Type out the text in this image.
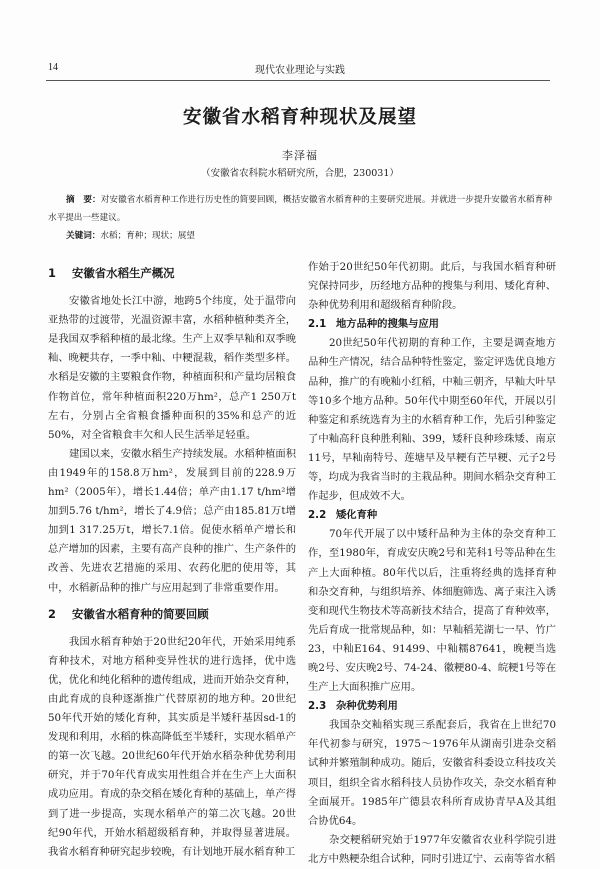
14	现代农业理论与实践
安徽省水稻育种现状及展望
李泽福
（安徽省农科院水稻研究所，合肥，230031）
摘　要：对安徽省水稻育种工作进行历史性的简要回顾，概括安徽省水稻育种的主要研究进展。并就进一步提升安徽省水稻育种水平提出一些建议。
关键词：水稻；育种；现状；展望
1 安徽省水稻生产概况

安徽省地处长江中游，地跨5个纬度，处于温带向亚热带的过渡带，光温资源丰富，水稻种植种类齐全，是我国双季稻种植的最北缘。生产上双季早籼和双季晚籼、晚粳共存，一季中籼、中粳混栽，稻作类型多样。水稻是安徽的主要粮食作物，种植面积和产量均居粮食作物首位，常年种植面积220万hm²，总产1 250万t左右，分别占全省粮食播种面积的35%和总产的近50%，对全省粮食丰欠和人民生活举足轻重。

建国以来，安徽水稻生产持续发展。水稻种植面积由1949年的158.8万hm²，发展到目前的228.9万hm²（2005年），增长1.44倍；单产由1.17 t/hm²增加到5.76 t/hm²，增长了4.9倍；总产由185.81万t增加到1 317.25万t，增长7.1倍。促使水稻单产增长和总产增加的因素，主要有高产良种的推广、生产条件的改善、先进农艺措施的采用、农药化肥的使用等，其中，水稻新品种的推广与应用起到了非常重要作用。

2 安徽省水稻育种的简要回顾

我国水稻育种始于20世纪20年代，开始采用纯系育种技术，对地方稻种变异性状的进行选择，优中选优，优化和纯化稻种的遗传组成，进而开始杂交育种，由此育成的良种逐渐推广代替原初的地方种。20世纪50年代开始的矮化育种，其实质是半矮秆基因sd-1的发现和利用，水稻的株高降低至半矮秆，实现水稻单产的第一次飞越。20世纪60年代开始水稻杂种优势利用研究，并于70年代育成实用性组合并在生产上大面积成功应用。育成的杂交稻在矮化育种的基础上，单产得到了进一步提高，实现水稻单产的第二次飞越。20世纪90年代，开始水稻超级稻育种，并取得显著进展。我省水稻育种研究起步较晚，有计划地开展水稻育种工

作始于20世纪50年代初期。此后，与我国水稻育种研究保持同步，历经地方品种的搜集与利用、矮化育种、杂种优势利用和超级稻育种阶段。

2.1 地方品种的搜集与应用

20世纪50年代初期的育种工作，主要是调查地方品种生产情况，结合品种特性鉴定，鉴定评选优良地方品种，推广的有晚籼小红稻，中籼三朝齐，早籼大叶早等10多个地方品种。50年代中期至60年代，开展以引种鉴定和系统选育为主的水稻育种工作，先后引种鉴定了中籼高秆良种胜利籼、399，矮秆良种珍珠矮、南京11号，早籼南特号、莲塘早及早粳有芒早粳、元子2号等，均成为我省当时的主栽品种。期间水稻杂交育种工作起步，但成效不大。

2.2 矮化育种

70年代开展了以中矮秆品种为主体的杂交育种工作，至1980年，育成安庆晚2号和芜科1号等品种在生产上大面种植。80年代以后，注重将经典的选择育种和杂交育种，与组织培养、体细胞筛选、离子束注入诱变和现代生物技术等高新技术结合，提高了育种效率，先后育成一批常规品种，如：早籼稻芜湖七一早、竹广23，中籼E164、91499、中籼糯87641，晚粳当选晚2号、安庆晚2号、74-24、徽粳80-4、皖粳1号等在生产上大面积推广应用。

2.3 杂种优势利用

我国杂交籼稻实现三系配套后，我省在上世纪70年代初参与研究，1975～1976年从湖南引进杂交稻试种并繁殖制种成功。随后，安徽省科委设立科技攻关项目，组织全省水稻科技人员协作攻关，杂交水稻育种全面展开。1985年广德县农科所育成协青早A及其组合协优64。

杂交粳稻研究始于1977年安徽省农业科学院引进北方中熟粳杂组合试种，同时引进辽宁、云南等省水稻
